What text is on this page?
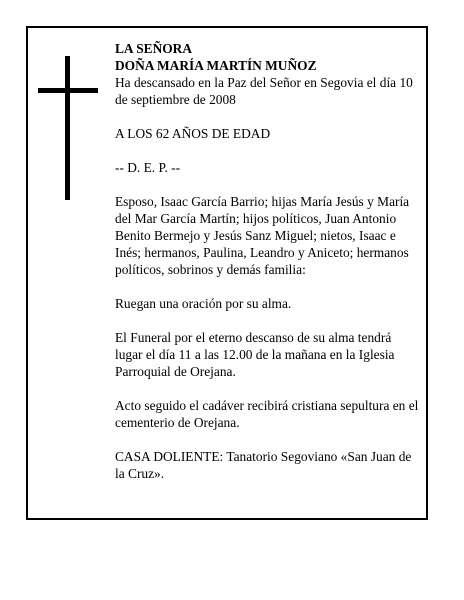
LA SEÑORA
DOÑA MARÍA MARTÍN MUÑOZ
Ha descansado en la Paz del Señor en Segovia el día 10 de septiembre de 2008

A LOS 62 AÑOS DE EDAD

-- D. E. P. --

Esposo, Isaac García Barrio; hijas María Jesús y María del Mar García Martín; hijos políticos, Juan Antonio Benito Bermejo y Jesús Sanz Miguel; nietos, Isaac e Inés; hermanos, Paulina, Leandro y Aniceto; hermanos políticos, sobrinos y demás familia:

Ruegan una oración por su alma.

El Funeral por el eterno descanso de su alma tendrá lugar el día 11 a las 12.00 de la mañana en la Iglesia Parroquial de Orejana.

Acto seguido el cadáver recibirá cristiana sepultura en el cementerio de Orejana.

CASA DOLIENTE: Tanatorio Segoviano «San Juan de la Cruz».
